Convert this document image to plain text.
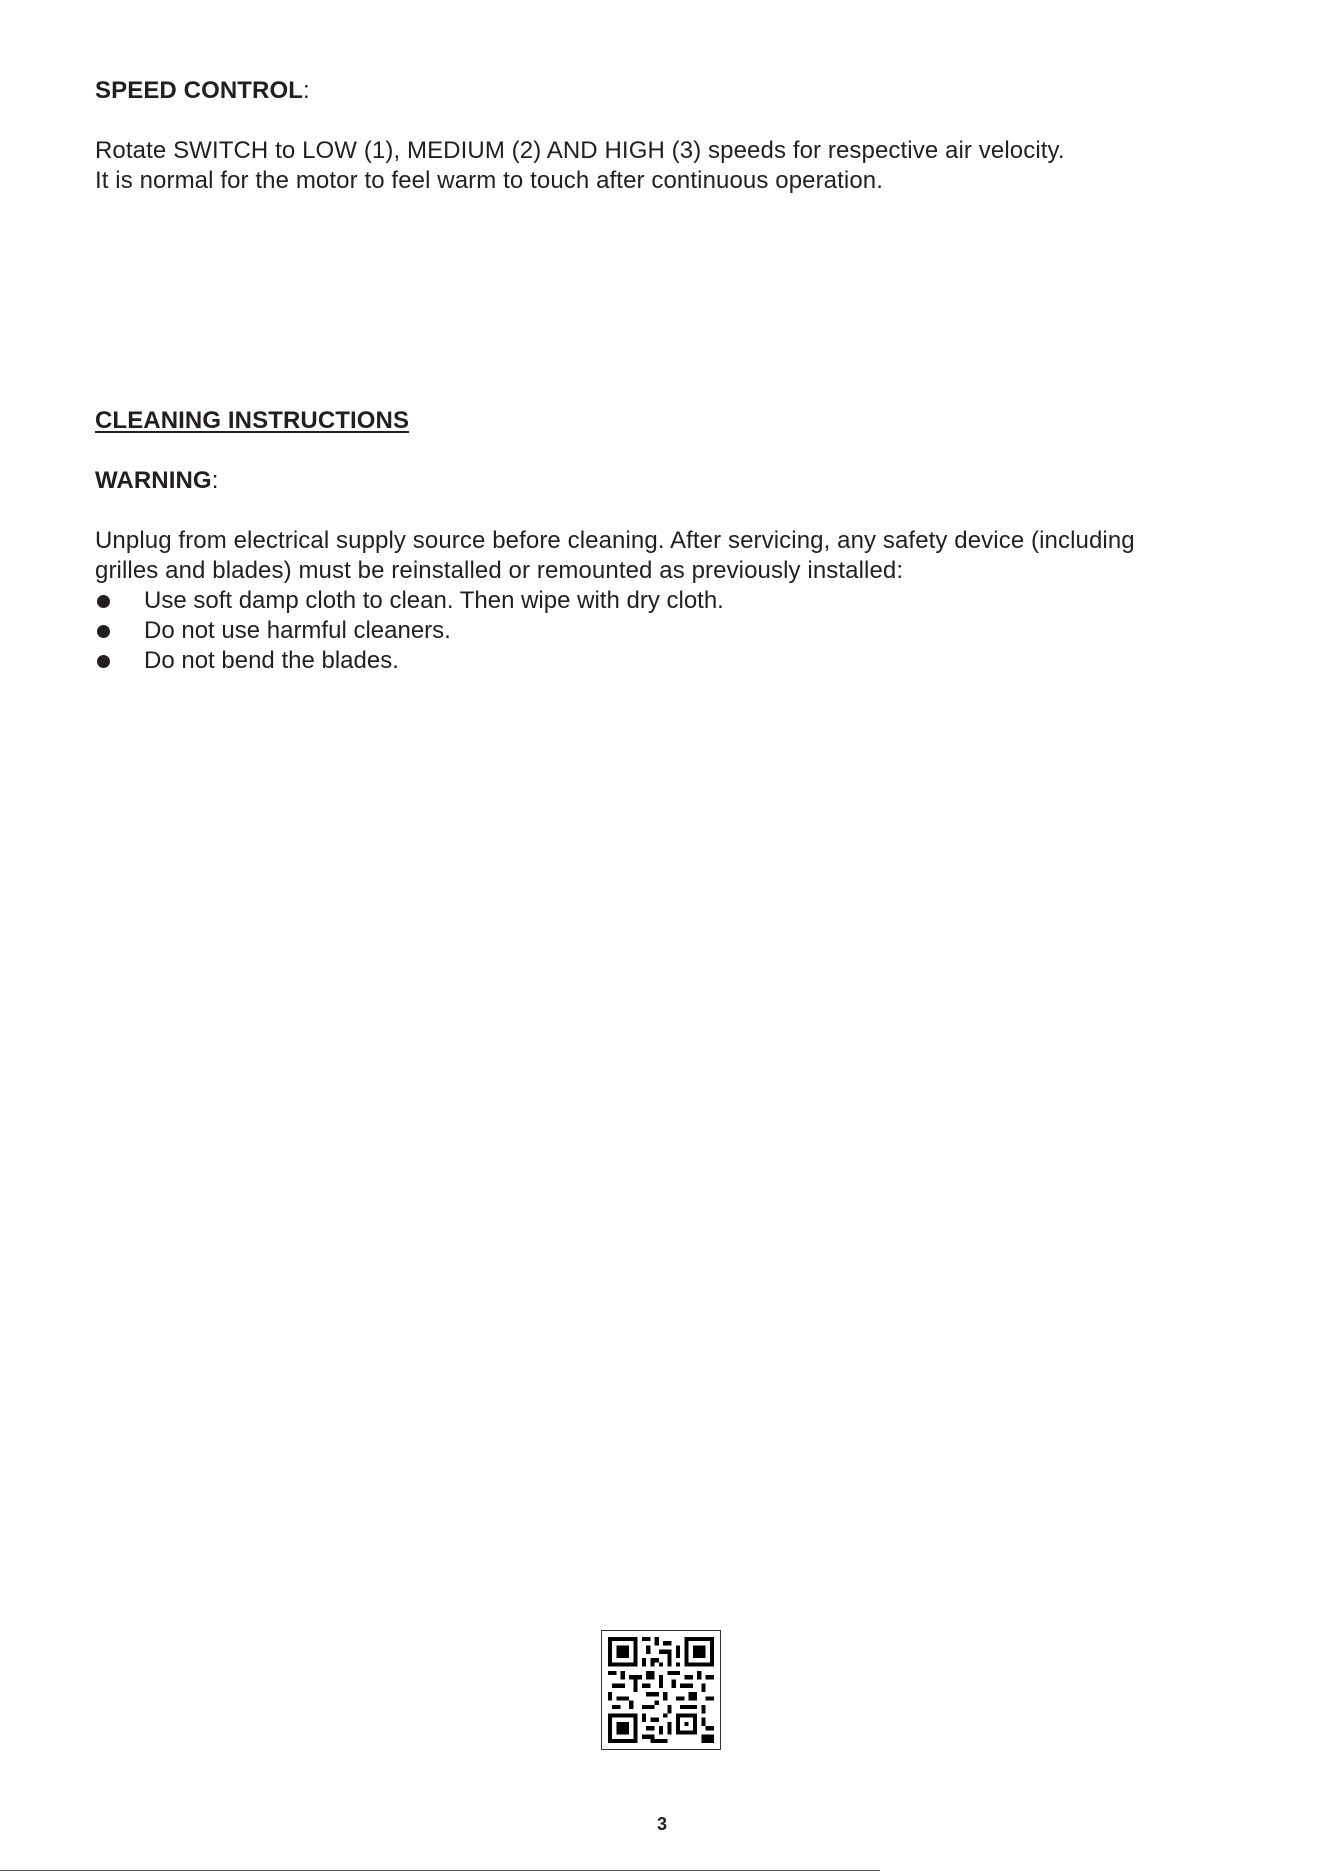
SPEED CONTROL:
Rotate SWITCH to LOW (1), MEDIUM (2) AND HIGH (3) speeds for respective air velocity.
It is normal for the motor to feel warm to touch after continuous operation.
CLEANING INSTRUCTIONS
WARNING:
Unplug from electrical supply source before cleaning. After servicing, any safety device (including
grilles and blades) must be reinstalled or remounted as previously installed:
Use soft damp cloth to clean. Then wipe with dry cloth.
Do not use harmful cleaners.
Do not bend the blades.
3
